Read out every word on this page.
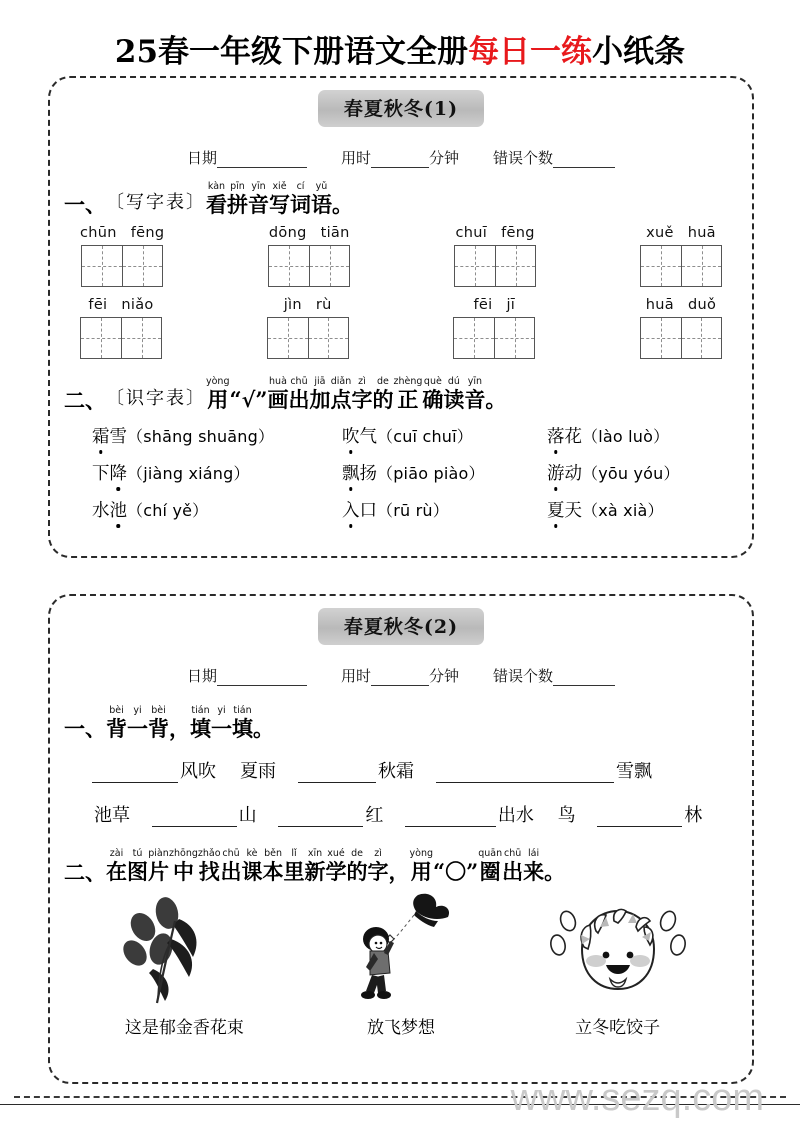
25春一年级下册语文全册每日一练小纸条
春夏秋冬(1)
日期	用时	分钟 错误个数
一、 〔写字表〕
kàn
看
pīn
拼
yīn
音
xiě
写
cí
词
yǔ
语 。
chūn fēng	dōng tiān	chuī fēng	xuě huā
fēi niǎo	jìn rù	fēi jī	huā duǒ
二、 〔识字表〕
yòng
用 “√”
huà
画
chū
出
jiā
加
diǎn
点
zì
字
de
的
zhèng
正
què
确
dú
读
yīn
音 。
霜雪 （shāng shuāng）	吹气 （cuī chuī）	落花 （lào luò）
下降 （jiàng xiáng）	飘扬 （piāo piào）	游动 （yōu yóu）
水池 （chí yě）	入口 （rū rù）	夏天 （xà xià）
春夏秋冬(2)
日期	用时	分钟 错误个数
一、
bèi
背
yi
一
bèi
背 ，
tián
填
yi
一
tián
填 。
风吹 夏雨	秋霜	雪飘
池草	山	红	出水 鸟	林
二、
zài
在
tú
图
piàn
片
zhōng
中
zhǎo
找
chū
出
kè
课
běn
本
lǐ
里
xīn
新
xué
学
de
的
zì
字 ，
yòng
用 “〇”
quān
圈
chū
出
lái
来 。
这是郁金香花束	放飞梦想	立冬吃饺子
www.sezq.com
